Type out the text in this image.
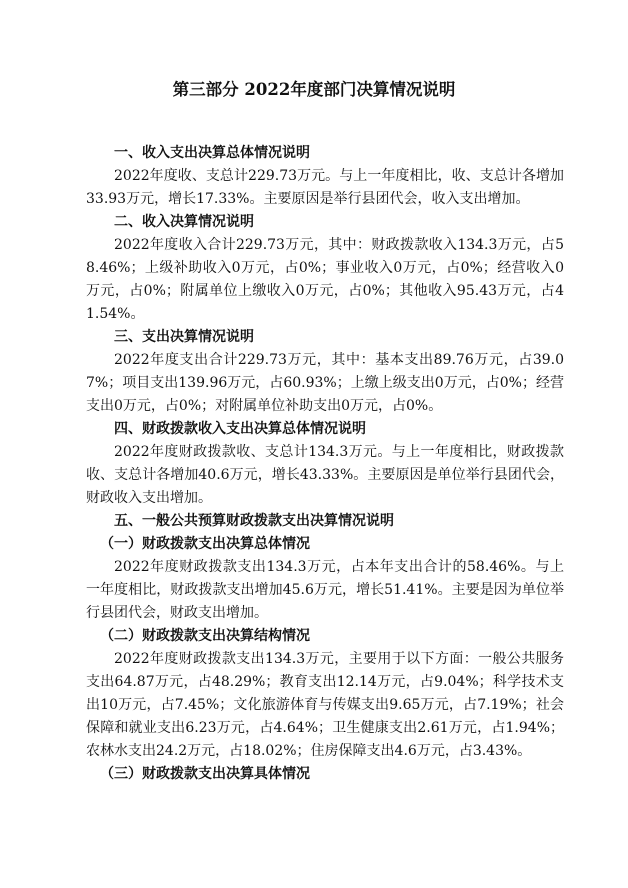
第三部分 2022年度部门决算情况说明

一、收入支出决算总体情况说明

2022年度收、支总计229.73万元。与上一年度相比，收、支总计各增加33.93万元，增长17.33%。主要原因是举行县团代会，收入支出增加。

二、收入决算情况说明

2022年度收入合计229.73万元，其中：财政拨款收入134.3万元，占58.46%；上级补助收入0万元，占0%；事业收入0万元，占0%；经营收入0万元，占0%；附属单位上缴收入0万元，占0%；其他收入95.43万元，占41.54%。

三、支出决算情况说明

2022年度支出合计229.73万元，其中：基本支出89.76万元，占39.07%；项目支出139.96万元，占60.93%；上缴上级支出0万元，占0%；经营支出0万元，占0%；对附属单位补助支出0万元，占0%。

四、财政拨款收入支出决算总体情况说明

2022年度财政拨款收、支总计134.3万元。与上一年度相比，财政拨款收、支总计各增加40.6万元，增长43.33%。主要原因是单位举行县团代会，财政收入支出增加。

五、一般公共预算财政拨款支出决算情况说明

（一）财政拨款支出决算总体情况

2022年度财政拨款支出134.3万元，占本年支出合计的58.46%。与上一年度相比，财政拨款支出增加45.6万元，增长51.41%。主要是因为单位举行县团代会，财政支出增加。

（二）财政拨款支出决算结构情况

2022年度财政拨款支出134.3万元，主要用于以下方面：一般公共服务支出64.87万元，占48.29%；教育支出12.14万元，占9.04%；科学技术支出10万元，占7.45%；文化旅游体育与传媒支出9.65万元，占7.19%；社会保障和就业支出6.23万元，占4.64%；卫生健康支出2.61万元，占1.94%；农林水支出24.2万元，占18.02%；住房保障支出4.6万元，占3.43%。

（三）财政拨款支出决算具体情况
